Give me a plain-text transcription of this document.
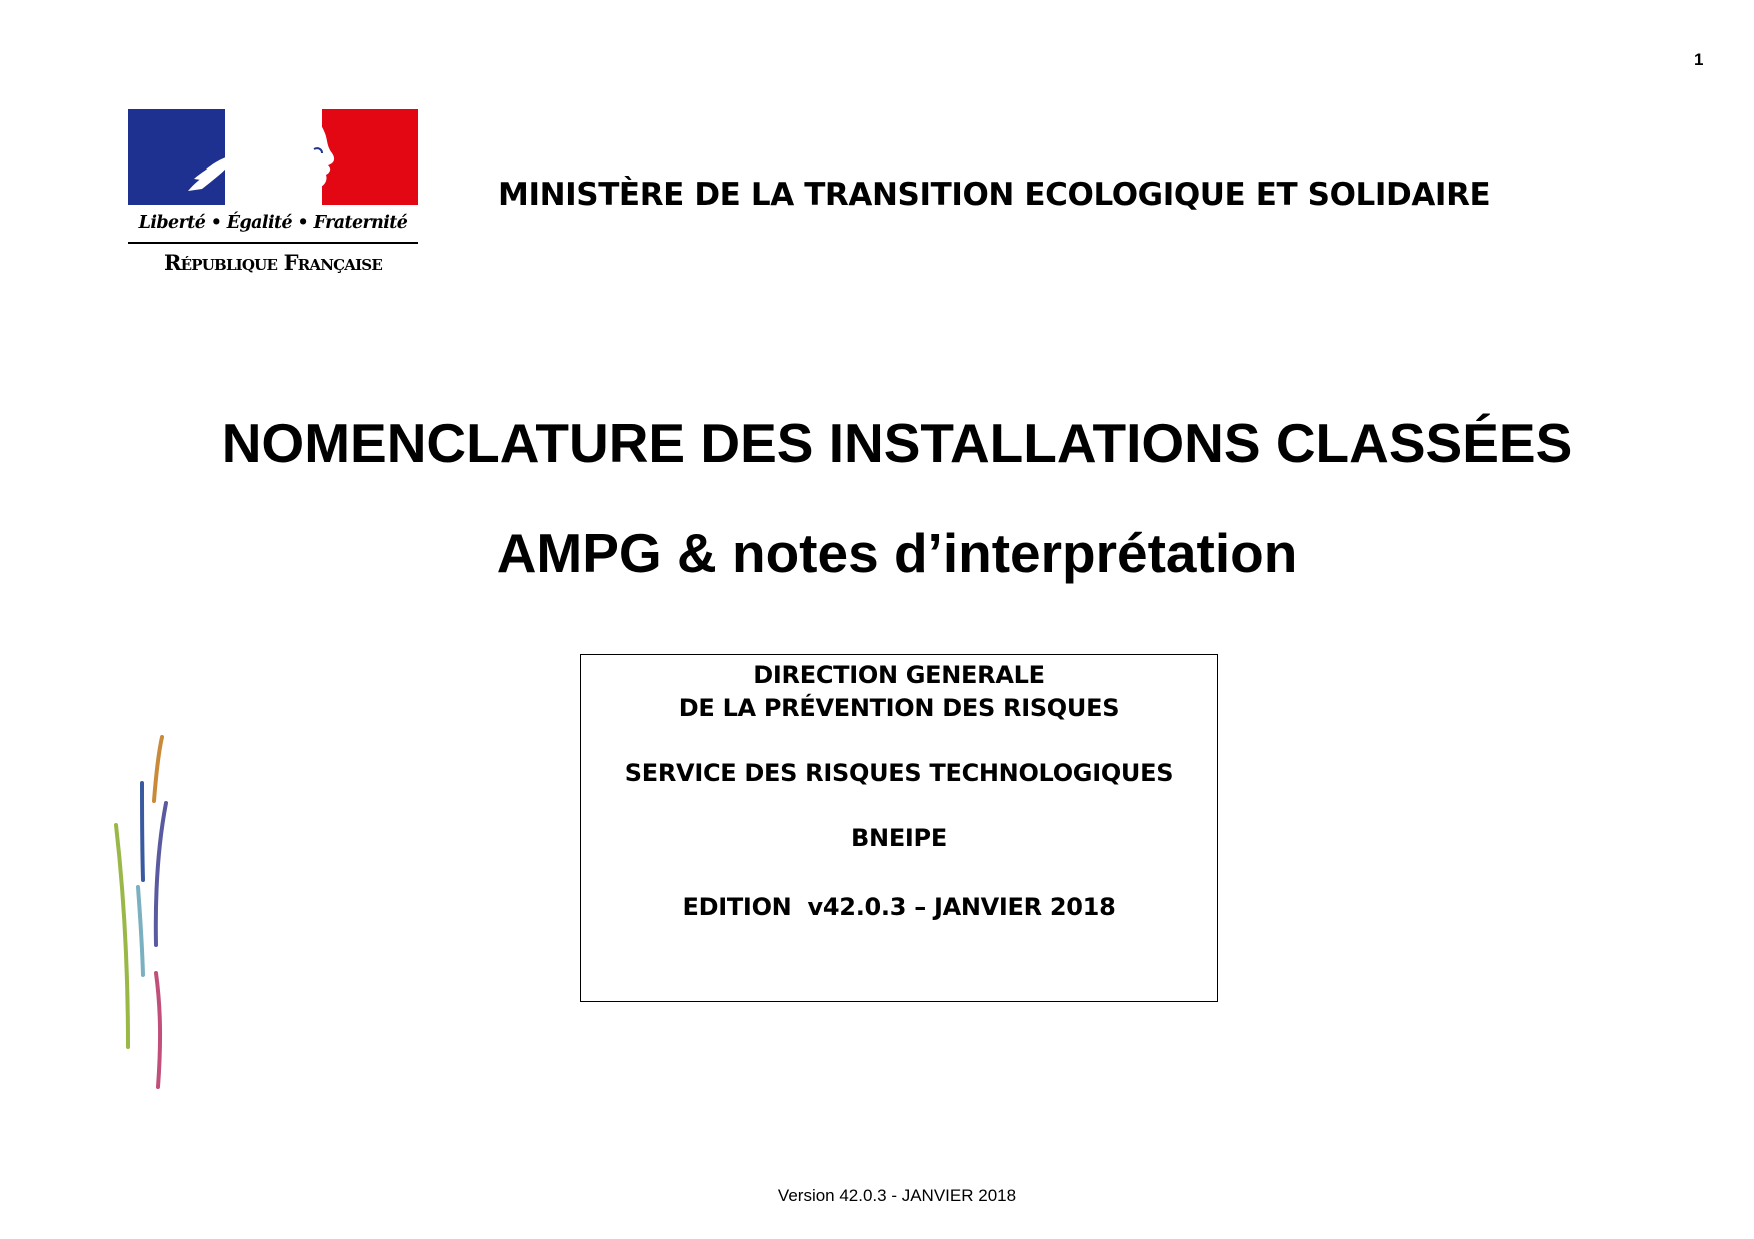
1
Liberté • Égalité • Fraternité
République Française
MINISTÈRE DE LA TRANSITION ECOLOGIQUE ET SOLIDAIRE
NOMENCLATURE DES INSTALLATIONS CLASSÉES
AMPG & notes d’interprétation
DIRECTION GENERALE
DE LA PRÉVENTION DES RISQUES
SERVICE DES RISQUES TECHNOLOGIQUES
BNEIPE
EDITION  v42.0.3 – JANVIER 2018
Version 42.0.3 - JANVIER 2018
